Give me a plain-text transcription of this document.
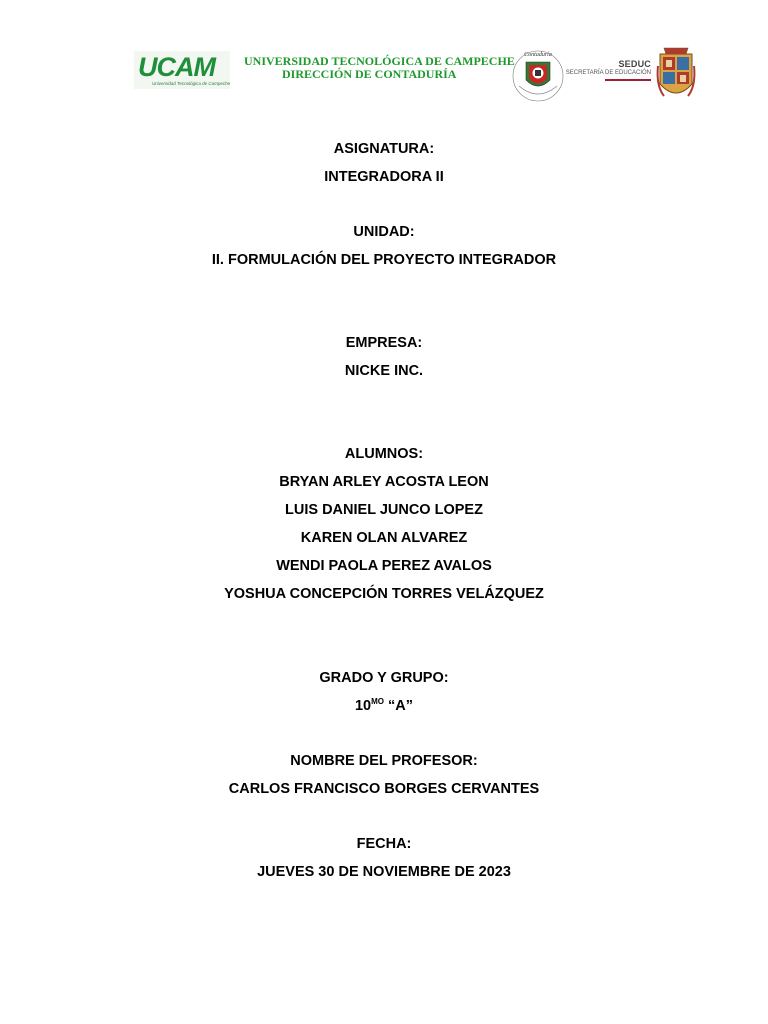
UCAM
Universidad Tecnológica de Campeche
UNIVERSIDAD TECNOLÓGICA DE CAMPECHE
DIRECCIÓN DE CONTADURÍA
Contaduría
SEDUC
SECRETARÍA DE EDUCACIÓN
ASIGNATURA:
INTEGRADORA II
UNIDAD:
II. FORMULACIÓN DEL PROYECTO INTEGRADOR
EMPRESA:
NICKE INC.
ALUMNOS:
BRYAN ARLEY ACOSTA LEON
LUIS DANIEL JUNCO LOPEZ
KAREN OLAN ALVAREZ
WENDI PAOLA PEREZ AVALOS
YOSHUA CONCEPCIÓN TORRES VELÁZQUEZ
GRADO Y GRUPO:
$10^{MO}$ “A”
NOMBRE DEL PROFESOR:
CARLOS FRANCISCO BORGES CERVANTES
FECHA:
JUEVES 30 DE NOVIEMBRE DE 2023
